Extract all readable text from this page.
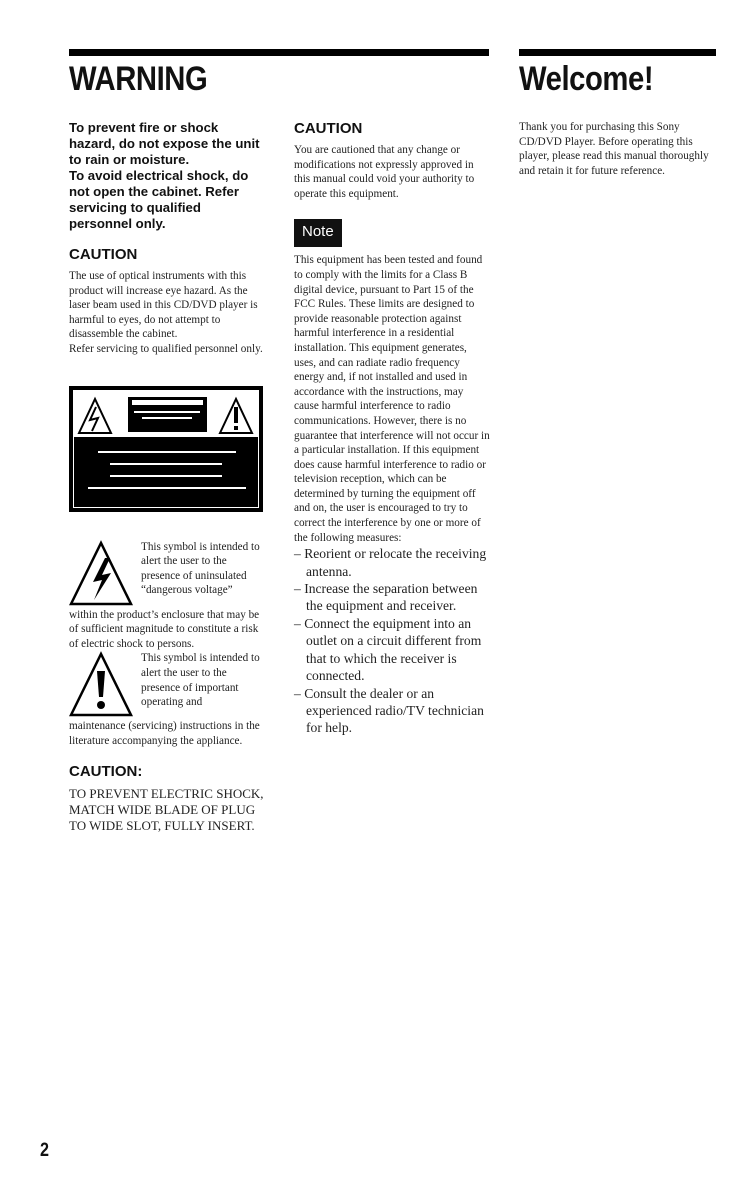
WARNING	Welcome!

To prevent fire or shock hazard, do not expose the unit to rain or moisture.

To avoid electrical shock, do not open the cabinet. Refer servicing to qualified personnel only.

CAUTION

The use of optical instruments with this product will increase eye hazard. As the laser beam used in this CD/DVD player is harmful to eyes, do not attempt to disassemble the cabinet.

Refer servicing to qualified personnel only.

This symbol is intended to alert the user to the presence of uninsulated “dangerous voltage”

within the product’s enclosure that may be of sufficient magnitude to constitute a risk of electric shock to persons.

This symbol is intended to alert the user to the presence of important operating and

maintenance (servicing) instructions in the literature accompanying the appliance.

CAUTION:

TO PREVENT ELECTRIC SHOCK, MATCH WIDE BLADE OF PLUG TO WIDE SLOT, FULLY INSERT.

CAUTION

You are cautioned that any change or modifications not expressly approved in this manual could void your authority to operate this equipment.

Note

This equipment has been tested and found to comply with the limits for a Class B digital device, pursuant to Part 15 of the FCC Rules. These limits are designed to provide reasonable protection against harmful interference in a residential installation. This equipment generates, uses, and can radiate radio frequency energy and, if not installed and used in accordance with the instructions, may cause harmful interference to radio communications. However, there is no guarantee that interference will not occur in a particular installation. If this equipment does cause harmful interference to radio or television reception, which can be determined by turning the equipment off and on, the user is encouraged to try to correct the interference by one or more of the following measures:

– Reorient or relocate the receiving antenna.
– Increase the separation between the equipment and receiver.
– Connect the equipment into an outlet on a circuit different from that to which the receiver is connected.
– Consult the dealer or an experienced radio/TV technician for help.

Thank you for purchasing this Sony CD/DVD Player. Before operating this player, please read this manual thoroughly and retain it for future reference.

2
